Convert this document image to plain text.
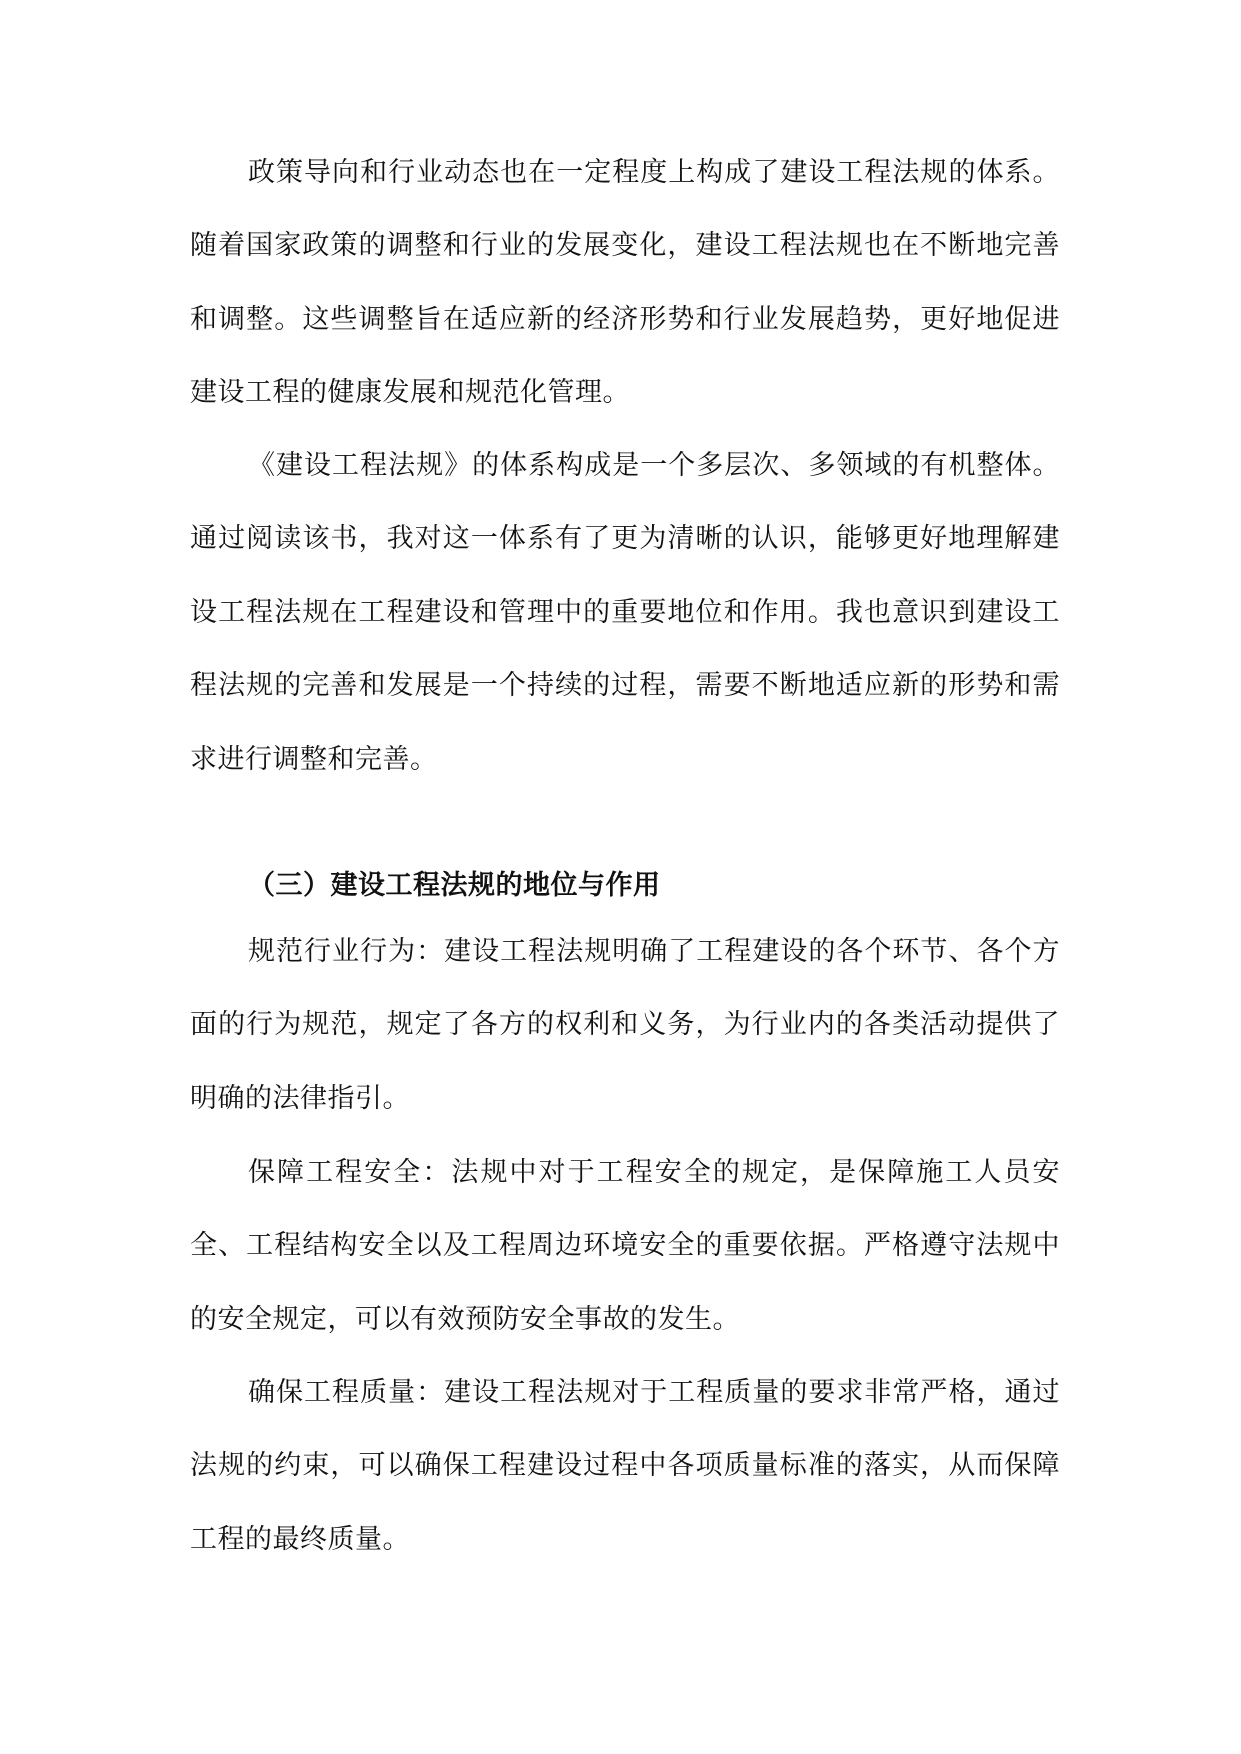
政策导向和行业动态也在一定程度上构成了建设工程法规的体系。随着国家政策的调整和行业的发展变化，建设工程法规也在不断地完善和调整。这些调整旨在适应新的经济形势和行业发展趋势，更好地促进建设工程的健康发展和规范化管理。

《建设工程法规》的体系构成是一个多层次、多领域的有机整体。通过阅读该书，我对这一体系有了更为清晰的认识，能够更好地理解建设工程法规在工程建设和管理中的重要地位和作用。我也意识到建设工程法规的完善和发展是一个持续的过程，需要不断地适应新的形势和需求进行调整和完善。

（三）建设工程法规的地位与作用

规范行业行为：建设工程法规明确了工程建设的各个环节、各个方面的行为规范，规定了各方的权利和义务，为行业内的各类活动提供了明确的法律指引。

保障工程安全：法规中对于工程安全的规定，是保障施工人员安全、工程结构安全以及工程周边环境安全的重要依据。严格遵守法规中的安全规定，可以有效预防安全事故的发生。

确保工程质量：建设工程法规对于工程质量的要求非常严格，通过法规的约束，可以确保工程建设过程中各项质量标准的落实，从而保障工程的最终质量。
